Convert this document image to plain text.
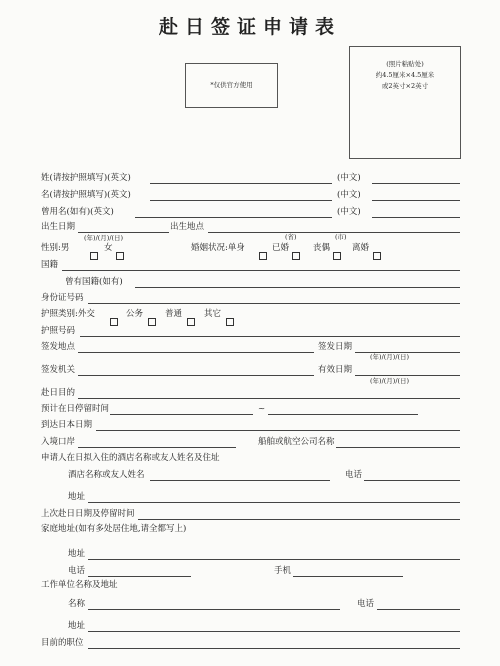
赴日签证申请表
*仅供官方使用
(照片粘贴处)
约4.5厘米×4.5厘米
或2英寸×2英寸
姓(请按护照填写)(英文)	(中文)
名(请按护照填写)(英文)	(中文)
曾用名(如有)(英文)	(中文)
出生日期	出生地点
(年)/(月)/(日)
性别:男	女	婚姻状况:单身
(省)
已婚	丧偶
(市)
离婚
国籍
曾有国籍(如有)
身份证号码
护照类别:外交	公务	普通	其它
护照号码
签发地点	签发日期
(年)/(月)/(日)
签发机关	有效日期
(年)/(月)/(日)
赴日目的
预计在日停留时间	~
到达日本日期
入境口岸	船舶或航空公司名称
申请人在日拟入住的酒店名称或友人姓名及住址
酒店名称或友人姓名	电话
地址
上次赴日日期及停留时间
家庭地址(如有多处居住地,请全都写上)
地址
电话	手机
工作单位名称及地址
名称	电话
地址
目前的职位
